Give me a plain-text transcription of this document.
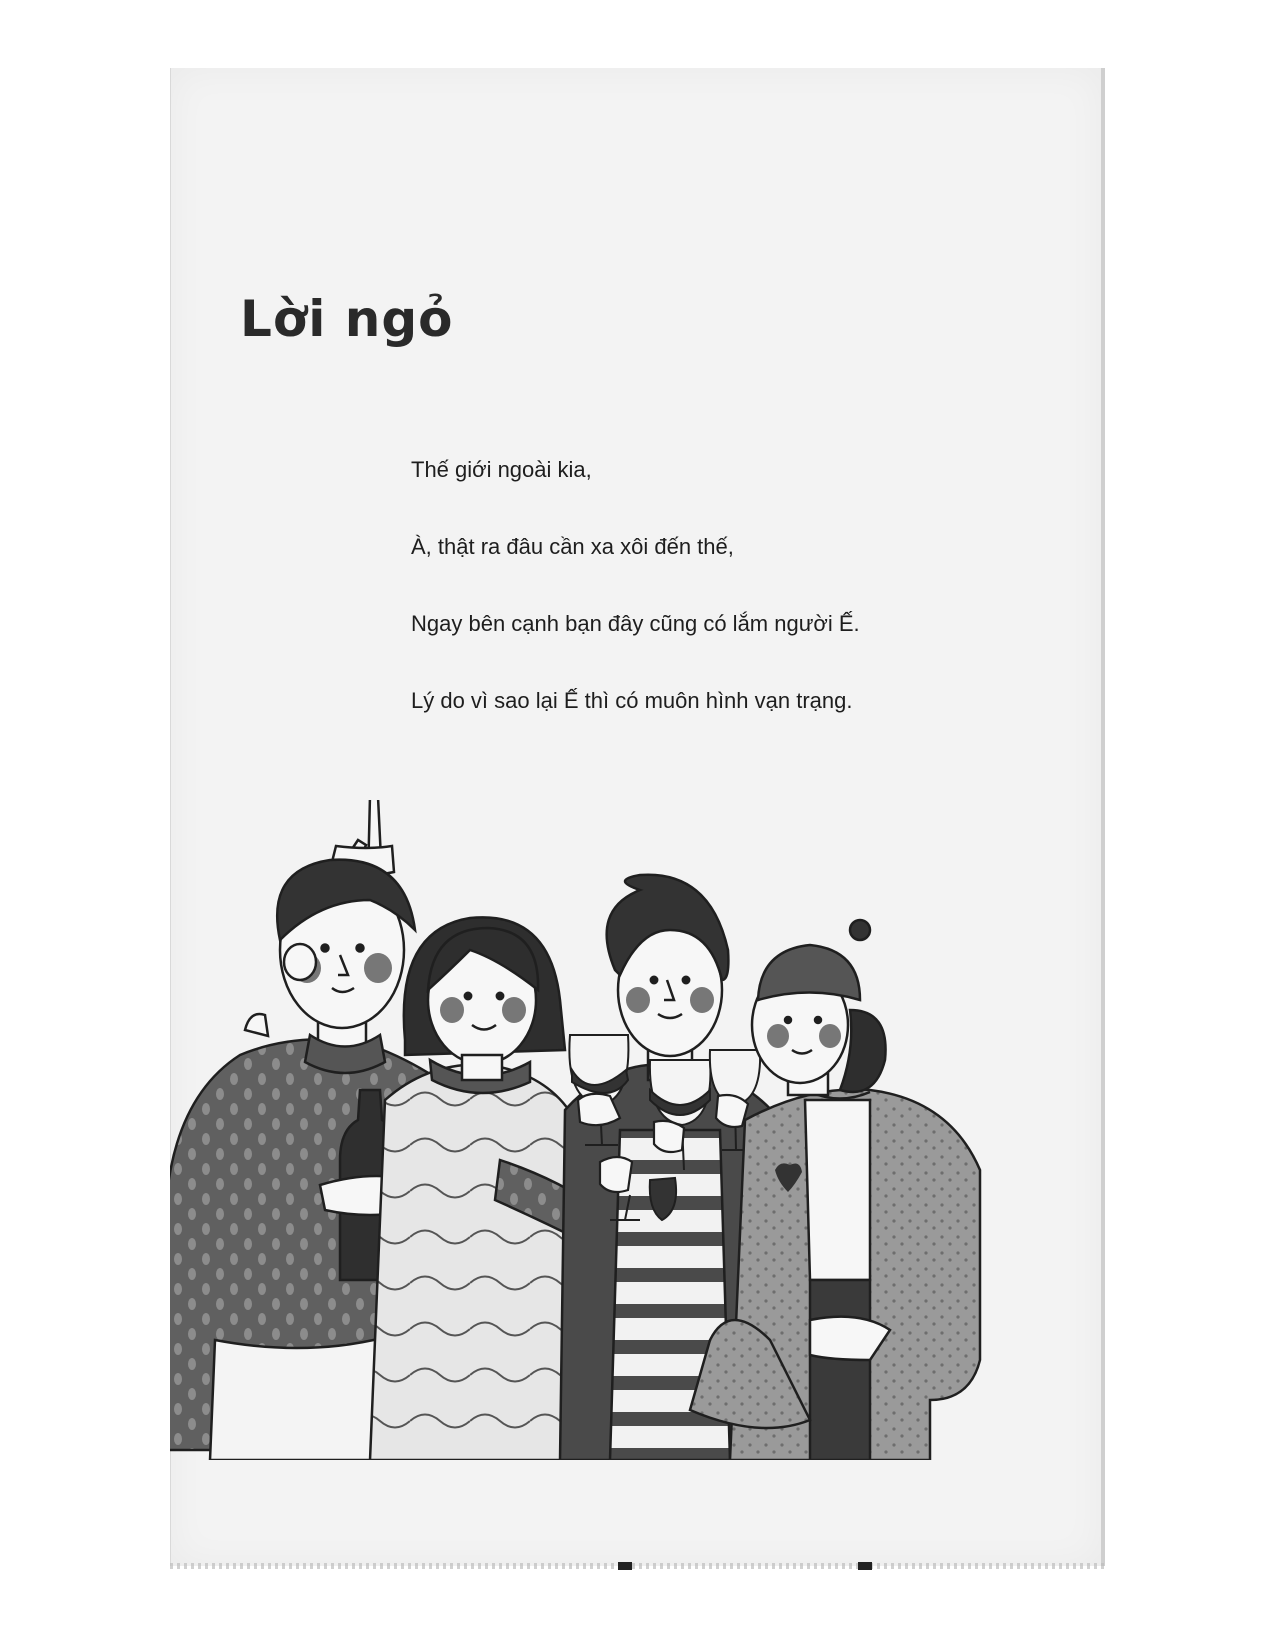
Lời ngỏ

Thế giới ngoài kia,

À, thật ra đâu cần xa xôi đến thế,

Ngay bên cạnh bạn đây cũng có lắm người Ế.

Lý do vì sao lại Ế thì có muôn hình vạn trạng.
